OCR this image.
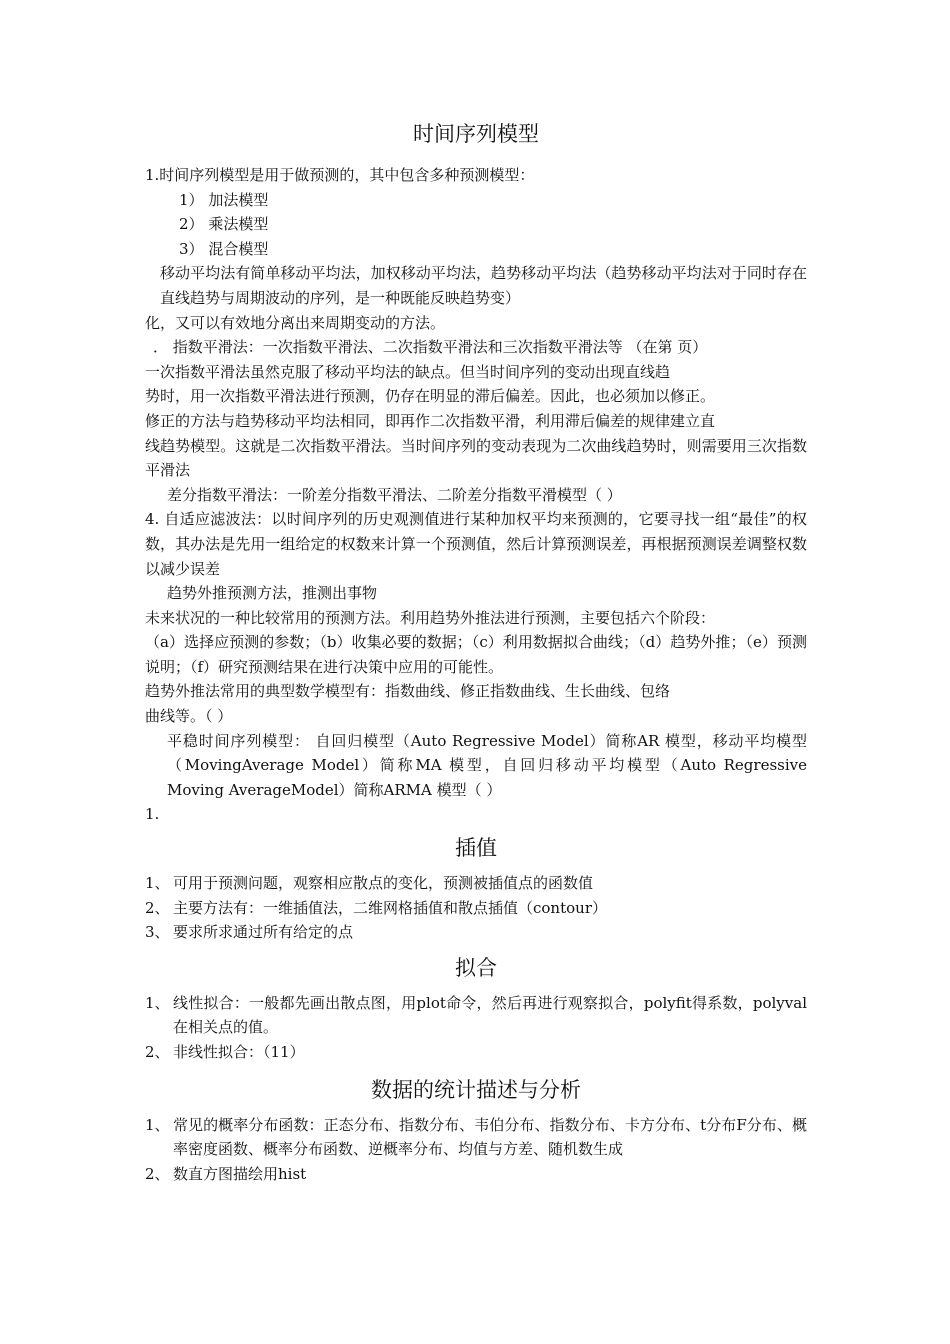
时间序列模型
1.时间序列模型是用于做预测的，其中包含多种预测模型：
1） 加法模型
2） 乘法模型
3） 混合模型
移动平均法有简单移动平均法，加权移动平均法，趋势移动平均法（趋势移动平均法对于同时存在直线趋势与周期波动的序列，是一种既能反映趋势变）
化，又可以有效地分离出来周期变动的方法。
． 指数平滑法：一次指数平滑法、二次指数平滑法和三次指数平滑法等 （在第 页）
一次指数平滑法虽然克服了移动平均法的缺点。但当时间序列的变动出现直线趋
势时，用一次指数平滑法进行预测，仍存在明显的滞后偏差。因此，也必须加以修正。
修正的方法与趋势移动平均法相同，即再作二次指数平滑，利用滞后偏差的规律建立直
线趋势模型。这就是二次指数平滑法。当时间序列的变动表现为二次曲线趋势时，则需要用三次指数平滑法
差分指数平滑法：一阶差分指数平滑法、二阶差分指数平滑模型（ ）
4. 自适应滤波法：以时间序列的历史观测值进行某种加权平均来预测的，它要寻找一组“最佳”的权数，其办法是先用一组给定的权数来计算一个预测值，然后计算预测误差，再根据预测误差调整权数以减少误差
趋势外推预测方法，推测出事物
未来状况的一种比较常用的预测方法。利用趋势外推法进行预测，主要包括六个阶段：
（a）选择应预测的参数；（b）收集必要的数据；（c）利用数据拟合曲线；（d）趋势外推；（e）预测说明；（f）研究预测结果在进行决策中应用的可能性。
趋势外推法常用的典型数学模型有：指数曲线、修正指数曲线、生长曲线、包络
曲线等。（ ）
平稳时间序列模型： 自回归模型（Auto Regressive Model）简称AR 模型，移动平均模型（MovingAverage Model）简称MA 模型，自回归移动平均模型（Auto Regressive Moving AverageModel）简称ARMA 模型（ ）
1.
插值
1、 可用于预测问题，观察相应散点的变化，预测被插值点的函数值
2、 主要方法有：一维插值法，二维网格插值和散点插值（contour）
3、 要求所求通过所有给定的点
拟合
1、 线性拟合：一般都先画出散点图，用plot命令，然后再进行观察拟合，polyfit得系数，polyval在相关点的值。
2、 非线性拟合：（11）
数据的统计描述与分析
1、 常见的概率分布函数：正态分布、指数分布、韦伯分布、指数分布、卡方分布、t分布F分布、概率密度函数、概率分布函数、逆概率分布、均值与方差、随机数生成
2、 数直方图描绘用hist
